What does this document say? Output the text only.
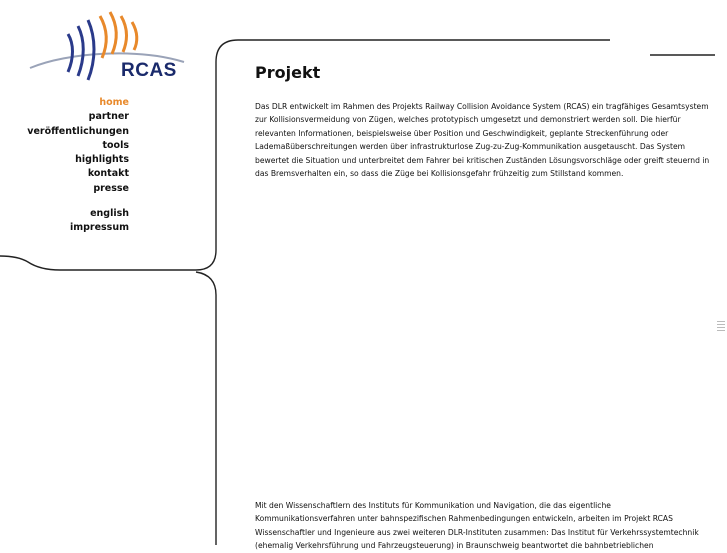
RCAS
home
partner
veröffentlichungen
tools
highlights
kontakt
presse
english
impressum
Projekt

Das DLR entwickelt im Rahmen des Projekts Railway Collision Avoidance System (RCAS) ein tragfähiges Gesamtsystem zur Kollisionsvermeidung von Zügen, welches prototypisch umgesetzt und demonstriert werden soll. Die hierfür relevanten Informationen, beispielsweise über Position und Geschwindigkeit, geplante Streckenführung oder Lademaßüberschreitungen werden über infrastrukturlose Zug-zu-Zug-Kommunikation ausgetauscht. Das System bewertet die Situation und unterbreitet dem Fahrer bei kritischen Zuständen Lösungsvorschläge oder greift steuernd in das Bremsverhalten ein, so dass die Züge bei Kollisionsgefahr frühzeitig zum Stillstand kommen.

Mit den Wissenschaftlern des Instituts für Kommunikation und Navigation, die das eigentliche Kommunikationsverfahren unter bahnspezifischen Rahmenbedingungen entwickeln, arbeiten im Projekt RCAS Wissenschaftler und Ingenieure aus zwei weiteren DLR-Instituten zusammen: Das Institut für Verkehrssystemtechnik (ehemalig Verkehrsführung und Fahrzeugsteuerung) in Braunschweig beantwortet die bahnbetrieblichen
